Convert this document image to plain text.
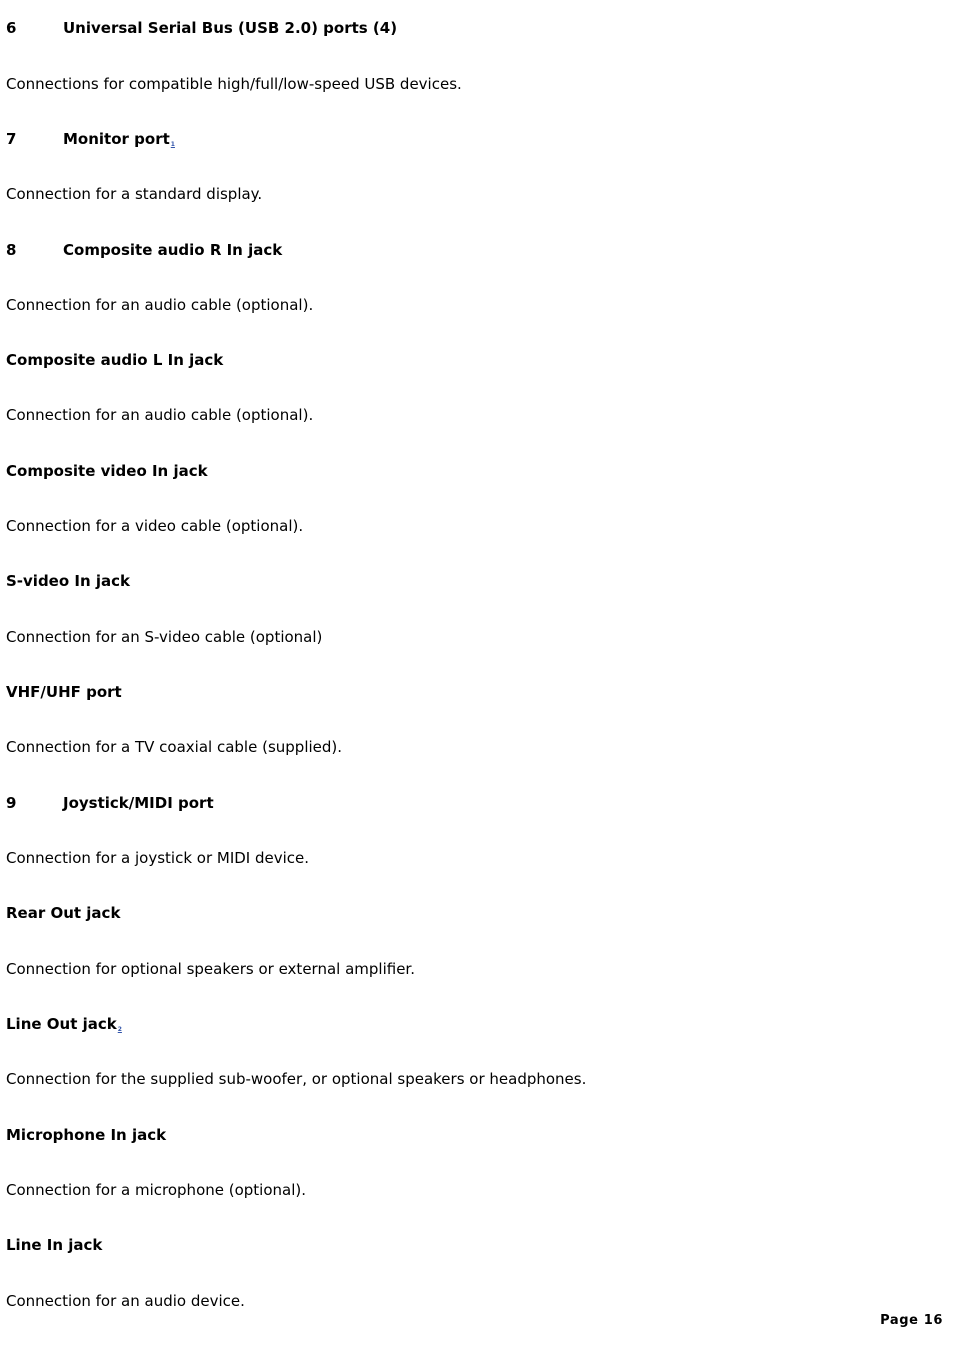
6	Universal Serial Bus (USB 2.0) ports (4)
Connections for compatible high/full/low-speed USB devices.
7	Monitor port1
Connection for a standard display.
8	Composite audio R In jack
Connection for an audio cable (optional).
Composite audio L In jack
Connection for an audio cable (optional).
Composite video In jack
Connection for a video cable (optional).
S-video In jack
Connection for an S-video cable (optional)
VHF/UHF port
Connection for a TV coaxial cable (supplied).
9	Joystick/MIDI port
Connection for a joystick or MIDI device.
Rear Out jack
Connection for optional speakers or external amplifier.
Line Out jack2
Connection for the supplied sub-woofer, or optional speakers or headphones.
Microphone In jack
Connection for a microphone (optional).
Line In jack
Connection for an audio device.
Page 16
